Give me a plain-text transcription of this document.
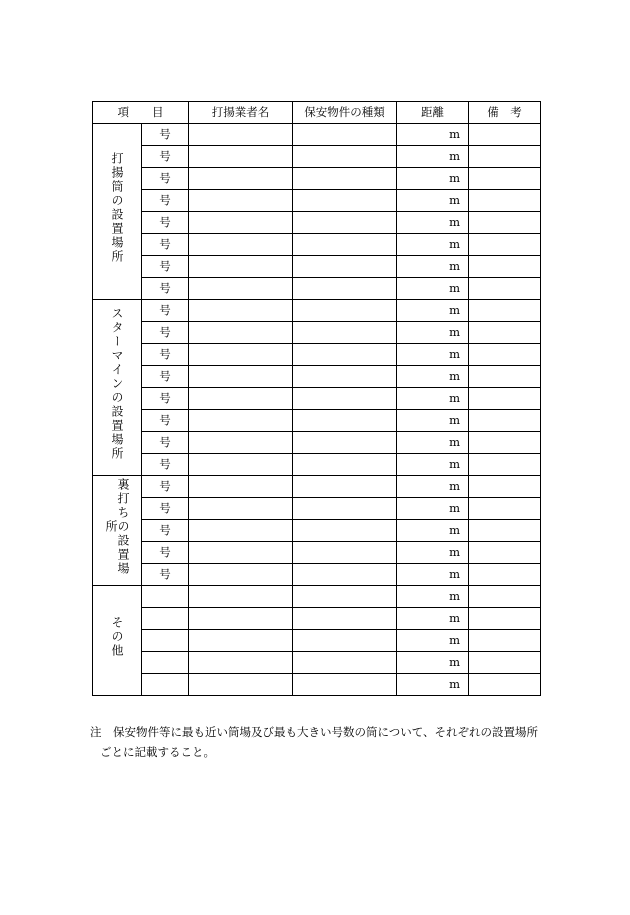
項　　目		打揚業者名	保安物件の種類	距離	備　考
打揚筒の設置場所	号			m	
	号			m	
	号			m	
	号			m	
	号			m	
	号			m	
	号			m	
	号			m	
スターマインの設置場所	号			m	
	号			m	
	号			m	
	号			m	
	号			m	
	号			m	
	号			m	
	号			m	
裏打ちの設置場所	号			m	
	号			m	
	号			m	
	号			m	
	号			m	
その他				m	
				m	
				m	
				m	
				m	
注　保安物件等に最も近い筒場及び最も大きい号数の筒について、それぞれの設置場所
ごとに記載すること。
